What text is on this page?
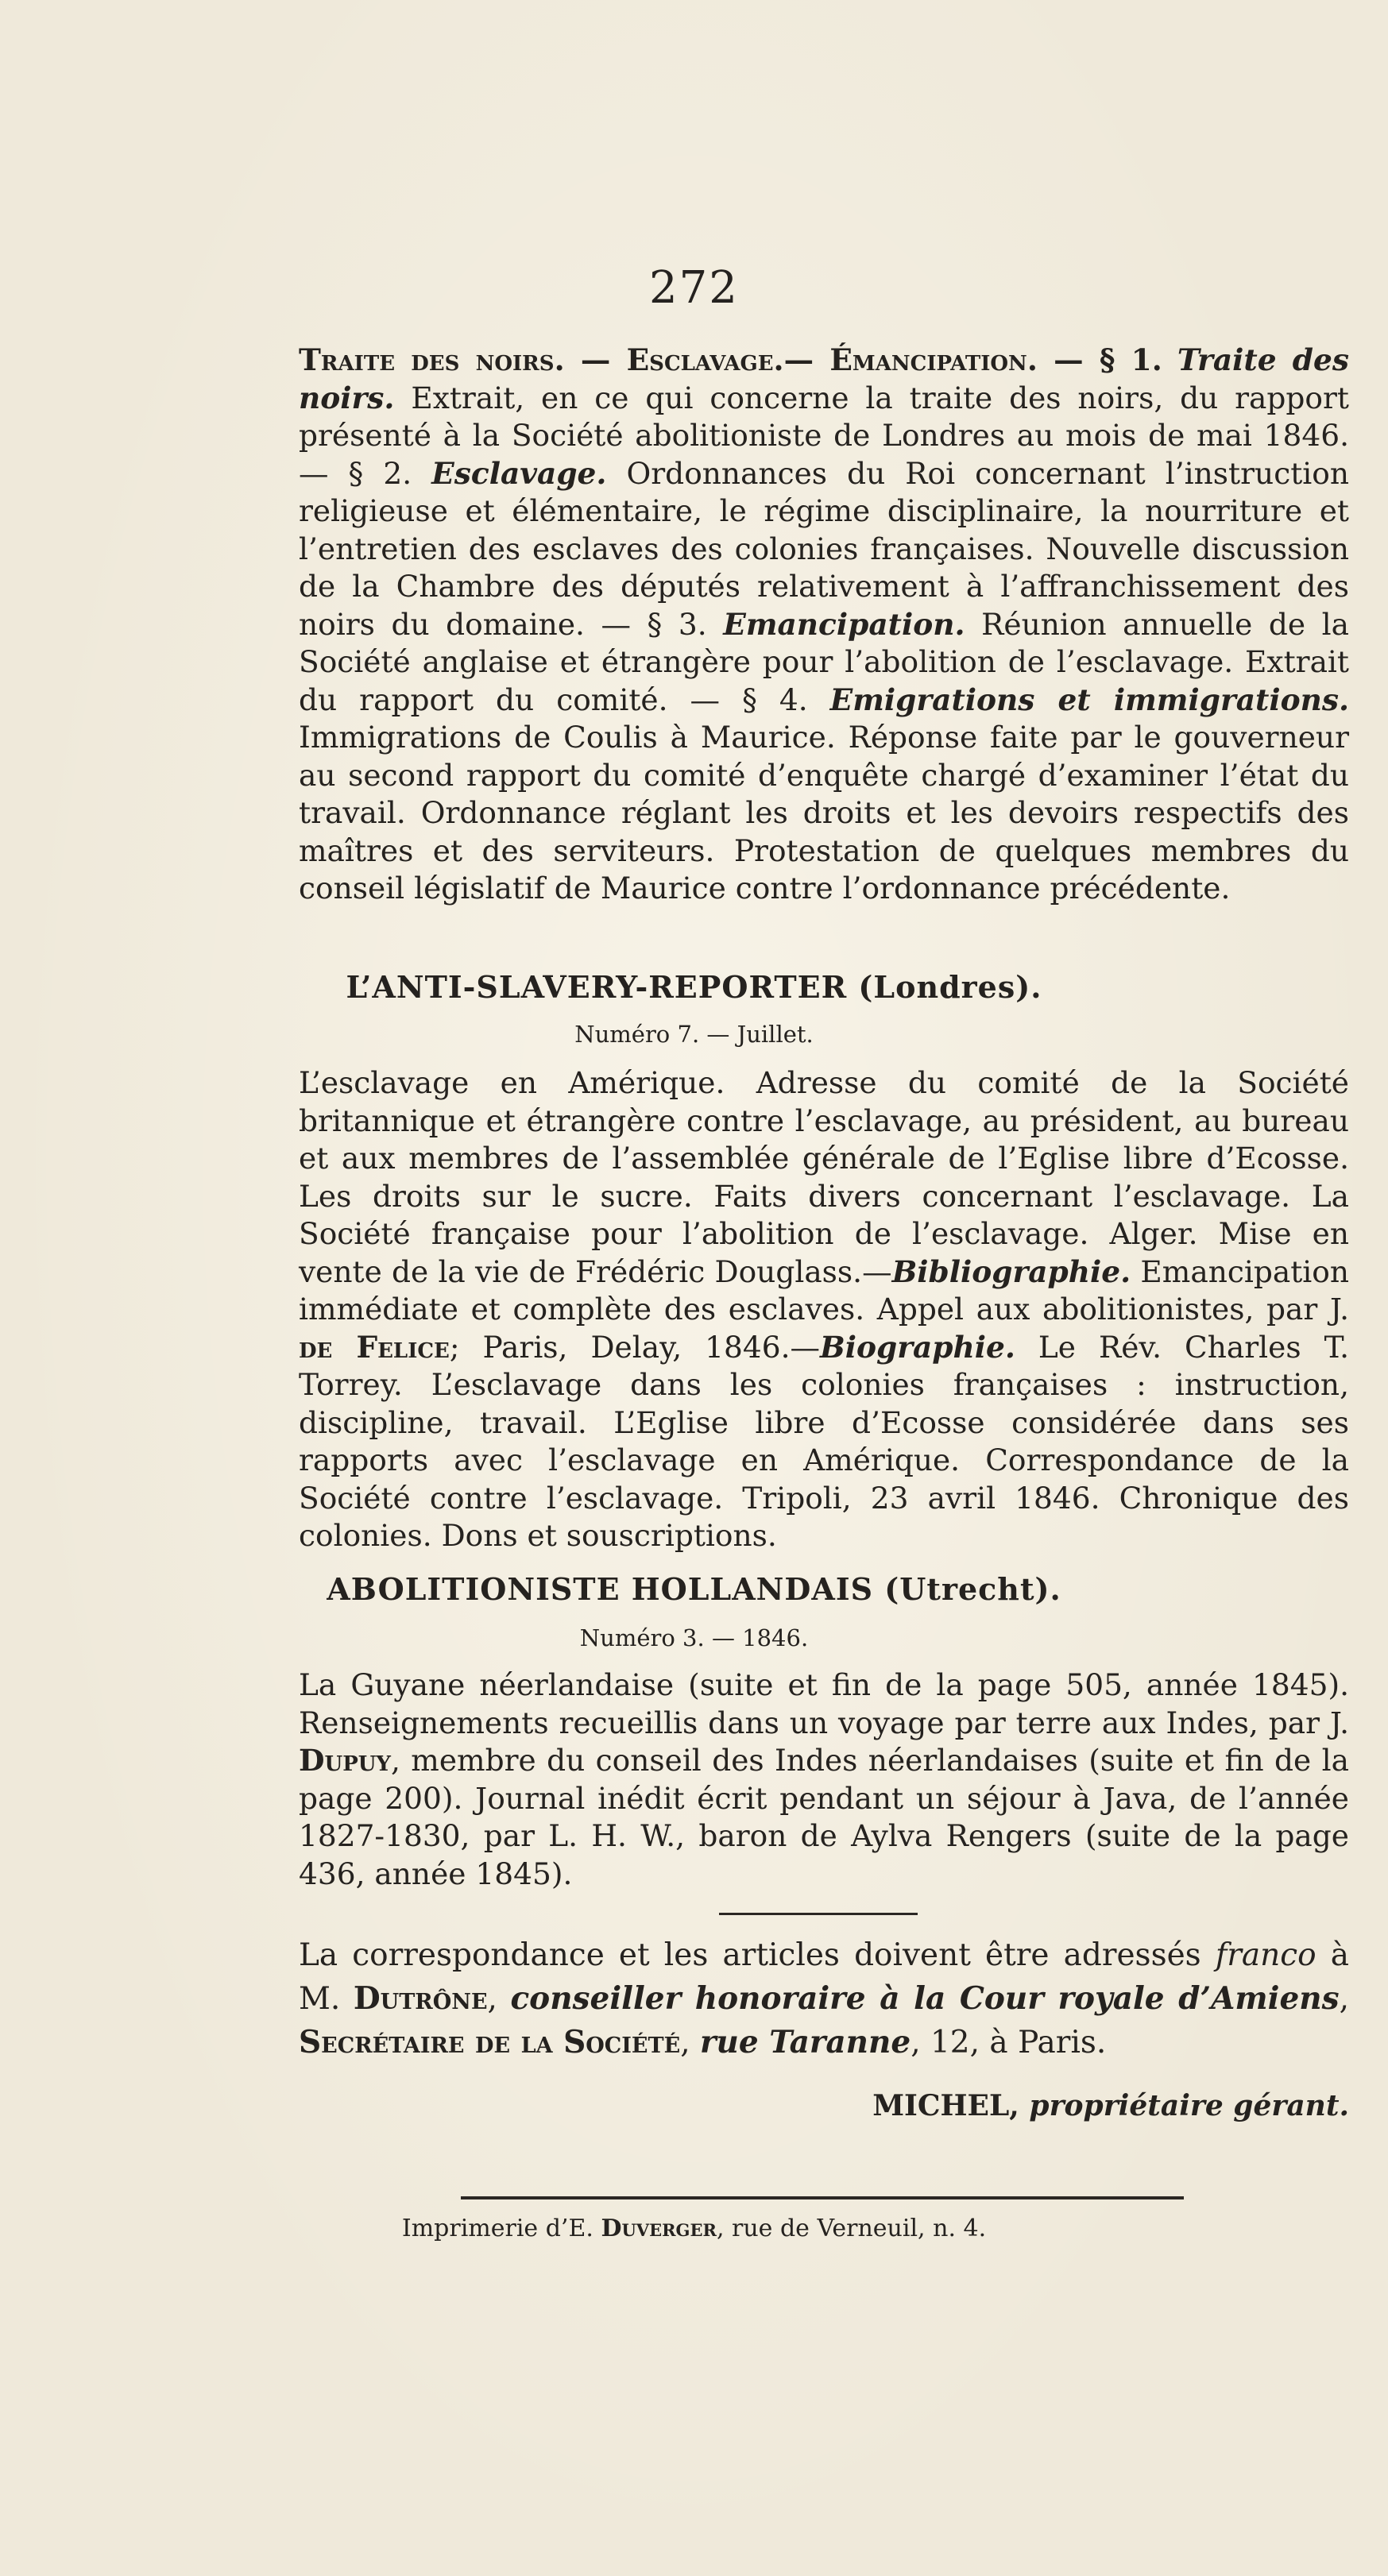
272
Traite des noirs. — Esclavage.— Émancipation. — § 1. Traite des noirs. Extrait, en ce qui concerne la traite des noirs, du rapport présenté à la Société abolitioniste de Londres au mois de mai 1846.— § 2. Esclavage. Ordonnances du Roi concernant l’instruction religieuse et élémentaire, le régime disciplinaire, la nourriture et l’entretien des esclaves des colonies françaises. Nouvelle discussion de la Chambre des députés relativement à l’affranchissement des noirs du domaine. — § 3. Emancipation. Réunion annuelle de la Société anglaise et étrangère pour l’abolition de l’esclavage. Extrait du rapport du comité. — § 4. Emigrations et immigrations. Immigrations de Coulis à Maurice. Réponse faite par le gouverneur au second rapport du comité d’enquête chargé d’examiner l’état du travail. Ordonnance réglant les droits et les devoirs respectifs des maîtres et des serviteurs. Protestation de quelques membres du conseil législatif de Maurice contre l’ordonnance précédente.
L’ANTI-SLAVERY-REPORTER (Londres).
Numéro 7. — Juillet.
L’esclavage en Amérique. Adresse du comité de la Société britannique et étrangère contre l’esclavage, au président, au bureau et aux membres de l’assemblée générale de l’Eglise libre d’Ecosse. Les droits sur le sucre. Faits divers concernant l’esclavage. La Société française pour l’abolition de l’esclavage. Alger. Mise en vente de la vie de Frédéric Douglass.—Bibliographie. Emancipation immédiate et complète des esclaves. Appel aux abolitionistes, par J. de Felice; Paris, Delay, 1846.—Biographie. Le Rév. Charles T. Torrey. L’esclavage dans les colonies françaises : instruction, discipline, travail. L’Eglise libre d’Ecosse considérée dans ses rapports avec l’esclavage en Amérique. Correspondance de la Société contre l’esclavage. Tripoli, 23 avril 1846. Chronique des colonies. Dons et souscriptions.
ABOLITIONISTE HOLLANDAIS (Utrecht).
Numéro 3. — 1846.
La Guyane néerlandaise (suite et fin de la page 505, année 1845). Renseignements recueillis dans un voyage par terre aux Indes, par J. Dupuy, membre du conseil des Indes néerlandaises (suite et fin de la page 200). Journal inédit écrit pendant un séjour à Java, de l’année 1827-1830, par L. H. W., baron de Aylva Rengers (suite de la page 436, année 1845).
La correspondance et les articles doivent être adressés franco à M. Dutrône, conseiller honoraire à la Cour royale d’Amiens, Secrétaire de la Société, rue Taranne, 12, à Paris.
MICHEL, propriétaire gérant.
Imprimerie d’E. Duverger, rue de Verneuil, n. 4.
